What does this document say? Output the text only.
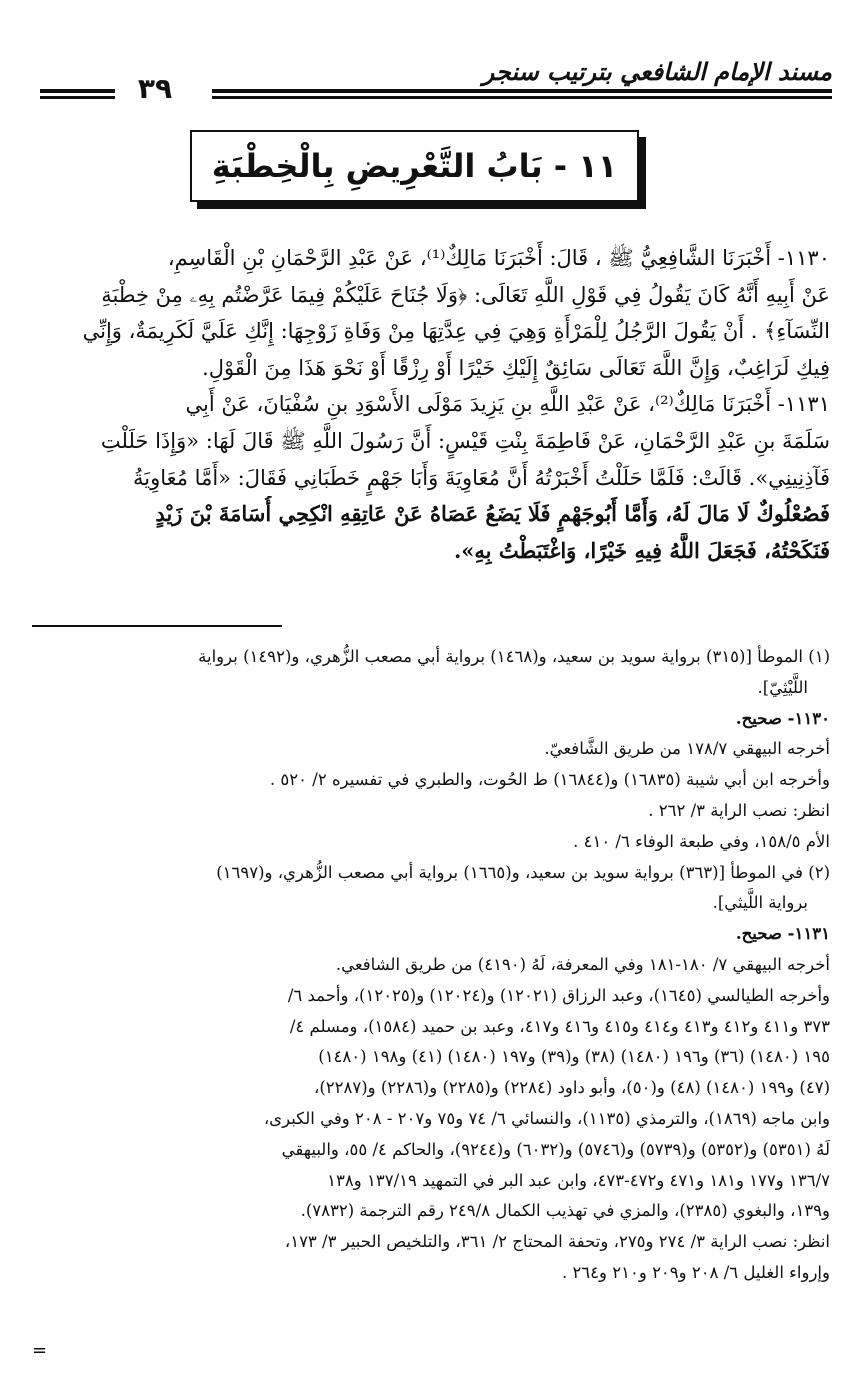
مسند الإمام الشافعي بترتيب سنجر
٣٩
١١ - بَابُ التَّعْرِيضِ بِالْخِطْبَةِ
١١٣٠- أَخْبَرَنَا الشَّافِعِيُّ ﷺ ، قَالَ: أَخْبَرَنَا مَالِكٌ⁽¹⁾، عَنْ عَبْدِ الرَّحْمَانِ بْنِ الْقَاسِمِ،
عَنْ أَبِيهِ أَنَّهُ كَانَ يَقُولُ فِي قَوْلِ اللَّهِ تَعَالَى: ﴿وَلَا جُنَاحَ عَلَيْكُمْ فِيمَا عَرَّضْتُم بِهِۦ مِنْ خِطْبَةِ
النِّسَآءِ﴾ . أَنْ يَقُولَ الرَّجُلُ لِلْمَرْأَةِ وَهِيَ فِي عِدَّتِهَا مِنْ وَفَاةِ زَوْجِهَا: إِنَّكِ عَلَيَّ لَكَرِيمَةٌ، وَإِنِّي
فِيكِ لَرَاغِبٌ، وَإِنَّ اللَّهَ تَعَالَى سَائِقٌ إِلَيْكِ خَيْرًا أَوْ رِزْقًا أَوْ نَحْوَ هَذَا مِنَ الْقَوْلِ.
١١٣١- أَخْبَرَنَا مَالِكٌ⁽²⁾، عَنْ عَبْدِ اللَّهِ بنِ يَزِيدَ مَوْلَى الأَسْوَدِ بنِ سُفْيَانَ، عَنْ أَبِي
سَلَمَةَ بنِ عَبْدِ الرَّحْمَانِ، عَنْ فَاطِمَةَ بِنْتِ قَيْسٍ: أَنَّ رَسُولَ اللَّهِ ﷺ قَالَ لَهَا: «وَإِذَا حَلَلْتِ
فَآذِنِينِي». قَالَتْ: فَلَمَّا حَلَلْتُ أَخْبَرْتُهُ أَنَّ مُعَاوِيَةَ وَأَبَا جَهْمٍ خَطَبَانِي فَقَالَ: «أَمَّا مُعَاوِيَةُ
فَصُعْلُوكٌ لَا مَالَ لَهُ، وَأَمَّا أَبُوجَهْمٍ فَلَا يَضَعُ عَصَاهُ عَنْ عَاتِقِهِ انْكِحِي أُسَامَةَ بْنَ زَيْدٍ
فَنَكَحْتُهُ، فَجَعَلَ اللَّهُ فِيهِ خَيْرًا، وَاغْتَبَطْتُ بِهِ».
(١) الموطأ [(٣١٥) برواية سويد بن سعيد، و(١٤٦٨) برواية أبي مصعب الزُّهري، و(١٤٩٢) برواية
اللَّيْثِيّ].
١١٣٠- صحيح.
أخرجه البيهقي ١٧٨/٧ من طريق الشَّافعيّ.
وأخرجه ابن أبي شيبة (١٦٨٣٥) و(١٦٨٤٤) ط الحُوت، والطبري في تفسيره ٢/ ٥٢٠ .
انظر: نصب الراية ٣/ ٢٦٢ .
الأم ١٥٨/٥، وفي طبعة الوفاء ٦/ ٤١٠ .
(٢) في الموطأ [(٣٦٣) برواية سويد بن سعيد، و(١٦٦٥) برواية أبي مصعب الزُّهري، و(١٦٩٧)
برواية اللَّيثي].
١١٣١- صحيح.
أخرجه البيهقي ٧/ ١٨٠-١٨١ وفي المعرفة، لَهُ (٤١٩٠) من طريق الشافعي.
وأخرجه الطيالسي (١٦٤٥)، وعبد الرزاق (١٢٠٢١) و(١٢٠٢٤) و(١٢٠٢٥)، وأحمد ٦/
٣٧٣ و٤١١ و٤١٢ و٤١٣ و٤١٤ و٤١٥ و٤١٦ و٤١٧، وعبد بن حميد (١٥٨٤)، ومسلم ٤/
١٩٥ (١٤٨٠) (٣٦) و١٩٦ (١٤٨٠) (٣٨) و(٣٩) و١٩٧ (١٤٨٠) (٤١) و١٩٨ (١٤٨٠)
(٤٧) و١٩٩ (١٤٨٠) (٤٨) و(٥٠)، وأبو داود (٢٢٨٤) و(٢٢٨٥) و(٢٢٨٦) و(٢٢٨٧)،
وابن ماجه (١٨٦٩)، والترمذي (١١٣٥)، والنسائي ٦/ ٧٤ و٧٥ و٢٠٧ - ٢٠٨ وفي الكبرى،
لَهُ (٥٣٥١) و(٥٣٥٢) و(٥٧٣٩) و(٥٧٤٦) و(٦٠٣٢) و(٩٢٤٤)، والحاكم ٤/ ٥٥، والبيهقي
١٣٦/٧ و١٧٧ و١٨١ و٤٧١ و٤٧٢-٤٧٣، وابن عبد البر في التمهيد ١٣٧/١٩ و١٣٨
و١٣٩، والبغوي (٢٣٨٥)، والمزي في تهذيب الكمال ٢٤٩/٨ رقم الترجمة (٧٨٣٢).
انظر: نصب الراية ٣/ ٢٧٤ و٢٧٥، وتحفة المحتاج ٢/ ٣٦١، والتلخيص الحبير ٣/ ١٧٣،
وإرواء الغليل ٦/ ٢٠٨ و٢٠٩ و٢١٠ و٢٦٤ .
=
